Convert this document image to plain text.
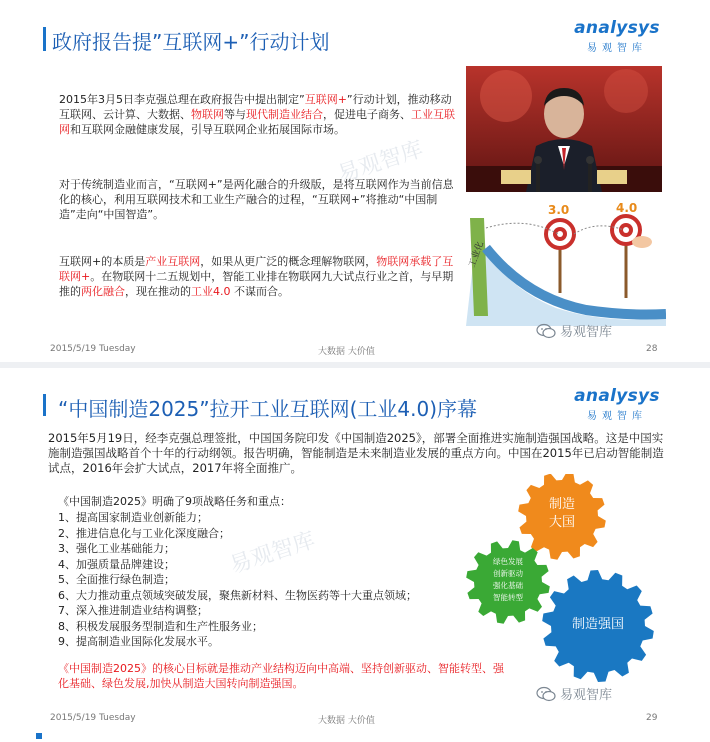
政府报告提”互联网+”行动计划
analysys
易观智库
工业化
3.0	4.0
易观智库
2015年3月5日李克强总理在政府报告中提出制定”互联网+”行动计划，推动移动互联网、云计算、大数据、物联网等与现代制造业结合，促进电子商务、工业互联网和互联网金融健康发展，引导互联网企业拓展国际市场。
对于传统制造业而言，“互联网+”是两化融合的升级版，是将互联网作为当前信息化的核心，利用互联网技术和工业生产融合的过程，“互联网+”将推动“中国制造”走向“中国智造”。
互联网+的本质是产业互联网，如果从更广泛的概念理解物联网，物联网承载了互联网+。在物联网十二五规划中，智能工业排在物联网九大试点行业之首，与早期推的两化融合，现在推动的工业4.0 不谋而合。
易观智库
2015/5/19 Tuesday	大数据 大价值	28
“中国制造2025”拉开工业互联网(工业4.0)序幕
analysys
易观智库
2015年5月19日，经李克强总理签批，中国国务院印发《中国制造2025》，部署全面推进实施制造强国战略。这是中国实施制造强国战略首个十年的行动纲领。报告明确，智能制造是未来制造业发展的重点方向。中国在2015年已启动智能制造试点，2016年会扩大试点，2017年将全面推广。
易观智库
《中国制造2025》明确了9项战略任务和重点：
1、提高国家制造业创新能力；
2、推进信息化与工业化深度融合；
3、强化工业基础能力；
4、加强质量品牌建设；
5、全面推行绿色制造；
6、大力推动重点领域突破发展，聚焦新材料、生物医药等十大重点领域；
7、深入推进制造业结构调整；
8、积极发展服务型制造和生产性服务业；
9、提高制造业国际化发展水平。
《中国制造2025》的核心目标就是推动产业结构迈向中高端、坚持创新驱动、智能转型、强化基础、绿色发展,加快从制造大国转向制造强国。
制造
大国
绿色发展
创新驱动
强化基础
智能转型
制造强国
易观智库
2015/5/19 Tuesday	大数据 大价值	29
